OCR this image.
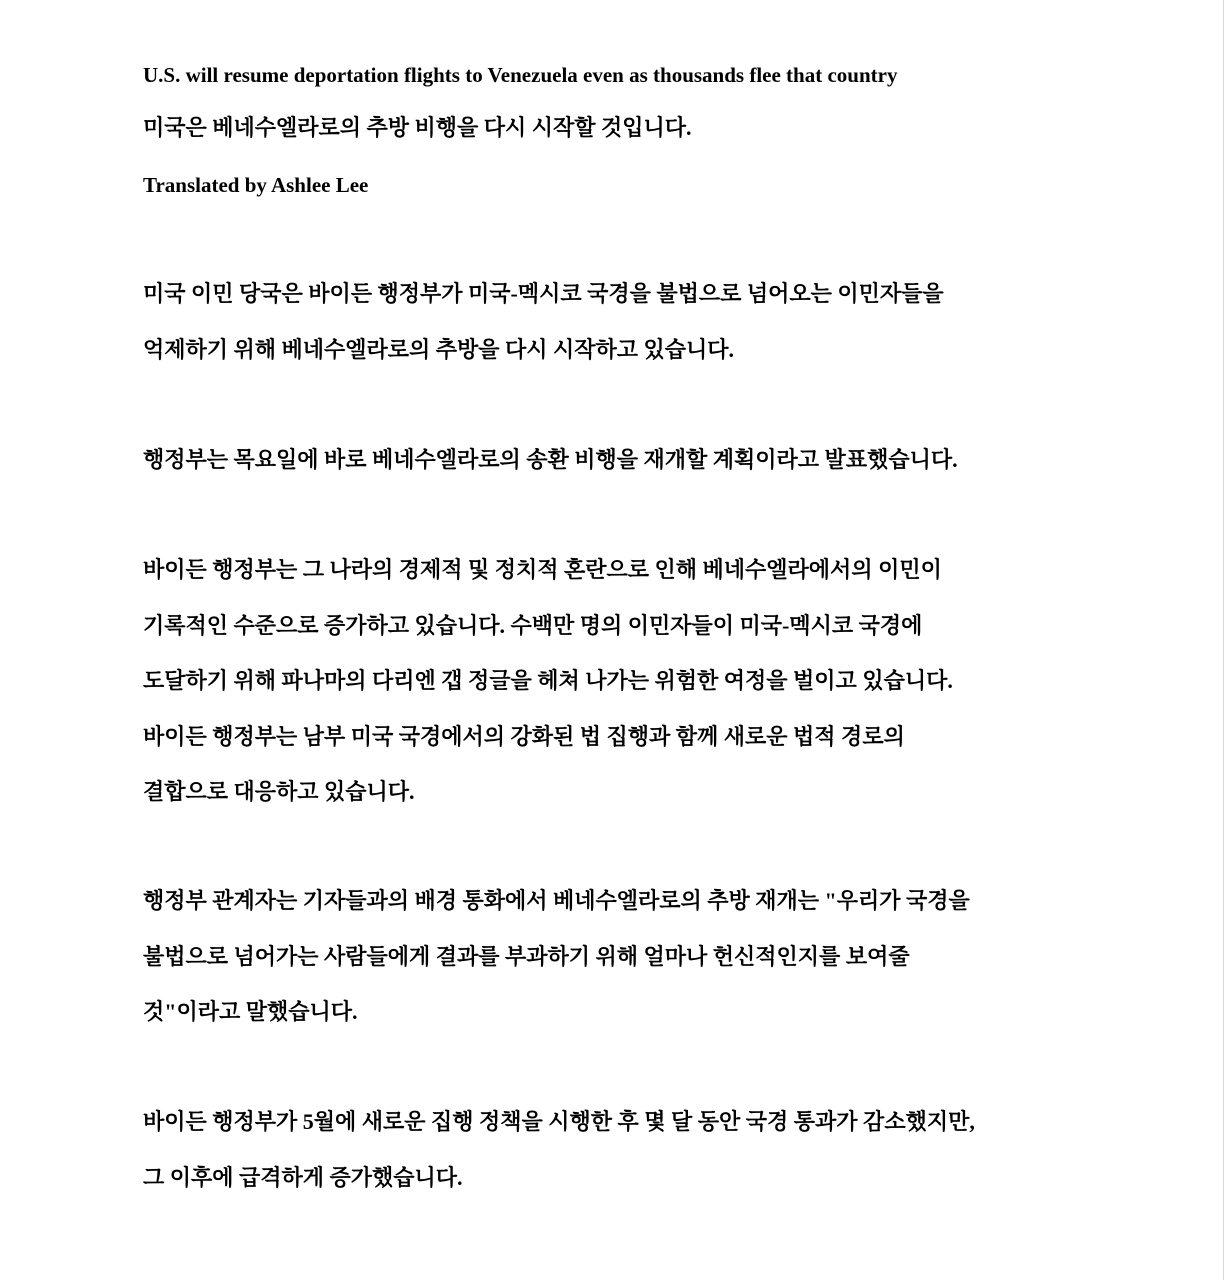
U.S. will resume deportation flights to Venezuela even as thousands flee that country
미국은 베네수엘라로의 추방 비행을 다시 시작할 것입니다.
Translated by Ashlee Lee
미국 이민 당국은 바이든 행정부가 미국-멕시코 국경을 불법으로 넘어오는 이민자들을
억제하기 위해 베네수엘라로의 추방을 다시 시작하고 있습니다.
행정부는 목요일에 바로 베네수엘라로의 송환 비행을 재개할 계획이라고 발표했습니다.
바이든 행정부는 그 나라의 경제적 및 정치적 혼란으로 인해 베네수엘라에서의 이민이
기록적인 수준으로 증가하고 있습니다. 수백만 명의 이민자들이 미국-멕시코 국경에
도달하기 위해 파나마의 다리엔 갭 정글을 헤쳐 나가는 위험한 여정을 벌이고 있습니다.
바이든 행정부는 남부 미국 국경에서의 강화된 법 집행과 함께 새로운 법적 경로의
결합으로 대응하고 있습니다.
행정부 관계자는 기자들과의 배경 통화에서 베네수엘라로의 추방 재개는 "우리가 국경을
불법으로 넘어가는 사람들에게 결과를 부과하기 위해 얼마나 헌신적인지를 보여줄
것"이라고 말했습니다.
바이든 행정부가 5월에 새로운 집행 정책을 시행한 후 몇 달 동안 국경 통과가 감소했지만,
그 이후에 급격하게 증가했습니다.
